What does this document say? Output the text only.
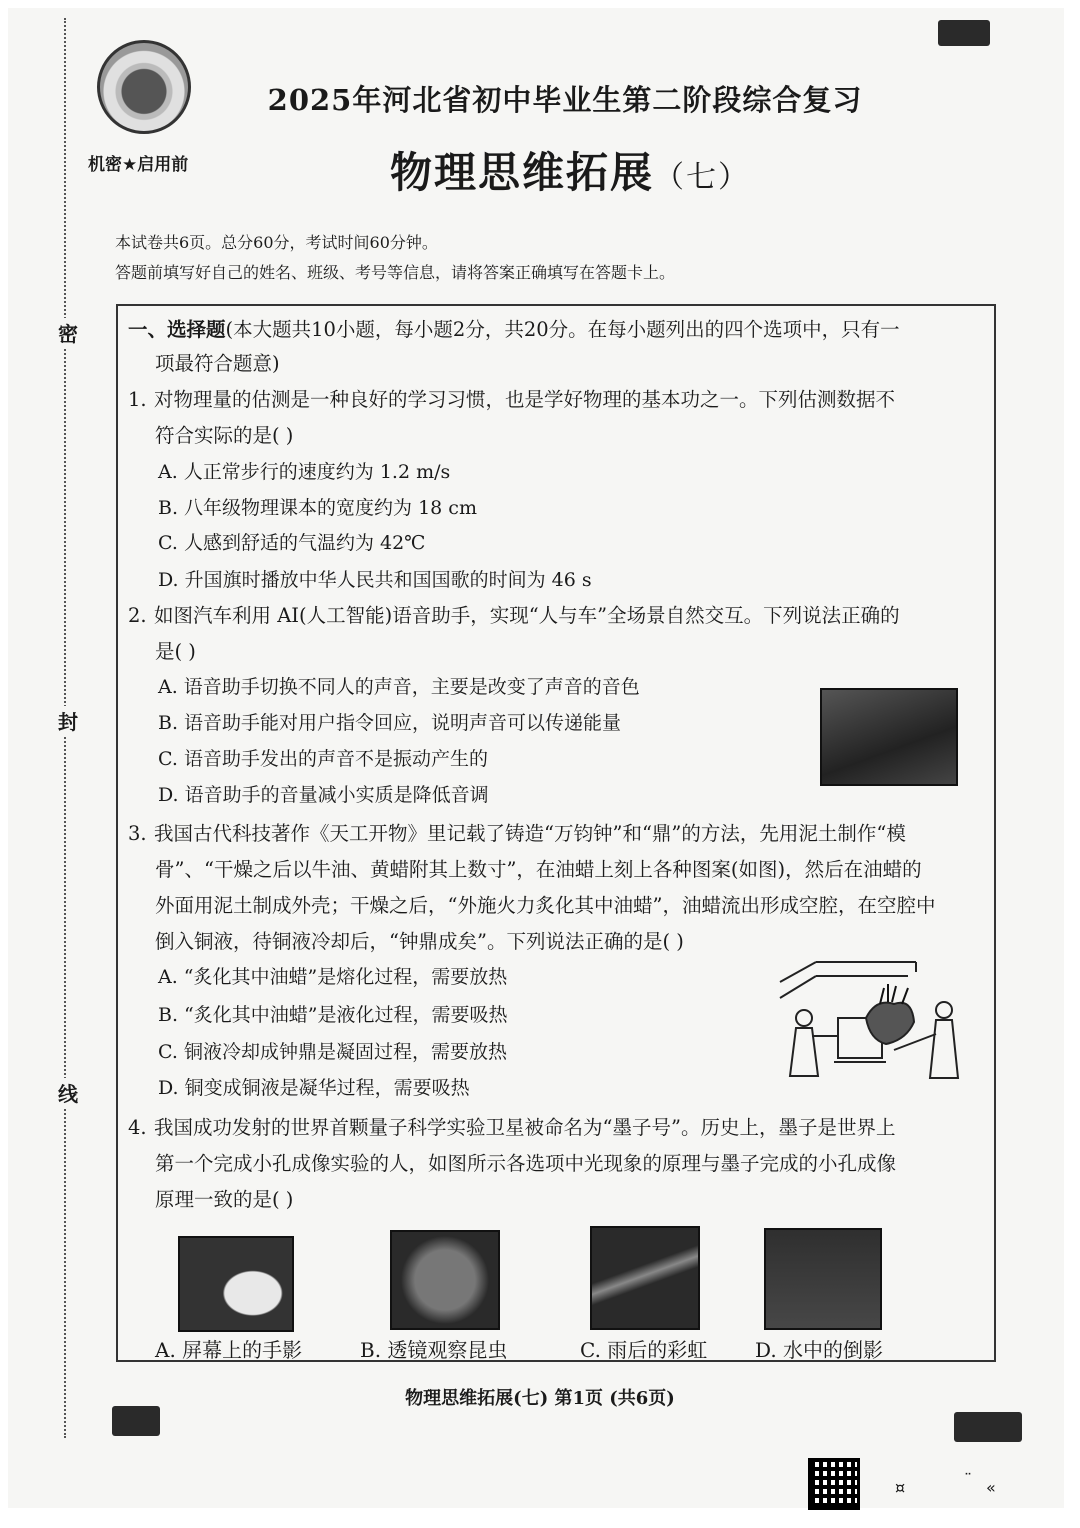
密
封
线
机密★启用前
2025年河北省初中毕业生第二阶段综合复习
物理思维拓展（七）
本试卷共6页。总分60分，考试时间60分钟。
答题前填写好自己的姓名、班级、考号等信息，请将答案正确填写在答题卡上。
一、选择题(本大题共10小题，每小题2分，共20分。在每小题列出的四个选项中，只有一
项最符合题意)
1. 对物理量的估测是一种良好的学习习惯，也是学好物理的基本功之一。下列估测数据不
符合实际的是( )
A. 人正常步行的速度约为 1.2 m/s
B. 八年级物理课本的宽度约为 18 cm
C. 人感到舒适的气温约为 42℃
D. 升国旗时播放中华人民共和国国歌的时间为 46 s
2. 如图汽车利用 AI(人工智能)语音助手，实现“人与车”全场景自然交互。下列说法正确的
是( )
A. 语音助手切换不同人的声音，主要是改变了声音的音色
B. 语音助手能对用户指令回应，说明声音可以传递能量
C. 语音助手发出的声音不是振动产生的
D. 语音助手的音量减小实质是降低音调
3. 我国古代科技著作《天工开物》里记载了铸造“万钧钟”和“鼎”的方法，先用泥土制作“模
骨”、“干燥之后以牛油、黄蜡附其上数寸”，在油蜡上刻上各种图案(如图)，然后在油蜡的
外面用泥土制成外壳；干燥之后，“外施火力炙化其中油蜡”，油蜡流出形成空腔，在空腔中
倒入铜液，待铜液冷却后，“钟鼎成矣”。下列说法正确的是( )
A. “炙化其中油蜡”是熔化过程，需要放热
B. “炙化其中油蜡”是液化过程，需要吸热
C. 铜液冷却成钟鼎是凝固过程，需要放热
D. 铜变成铜液是凝华过程，需要吸热
4. 我国成功发射的世界首颗量子科学实验卫星被命名为“墨子号”。历史上，墨子是世界上
第一个完成小孔成像实验的人，如图所示各选项中光现象的原理与墨子完成的小孔成像
原理一致的是( )
A. 屏幕上的手影	B. 透镜观察昆虫	C. 雨后的彩虹 D. 水中的倒影
物理思维拓展(七) 第1页 (共6页)
¤	¨ «
